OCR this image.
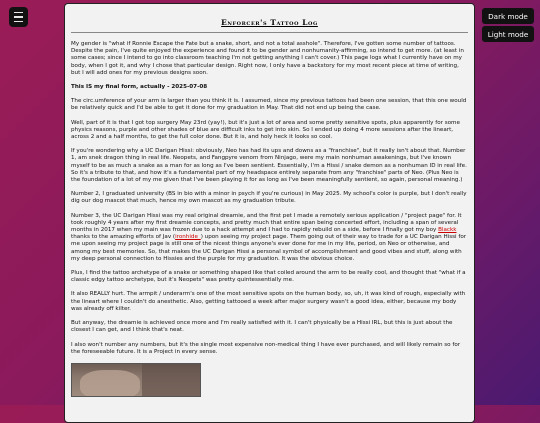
Dark mode
Light mode
Enforcer's Tattoo Log

My gender is "what if Ronnie Escape the Fate but a snake, short, and not a total asshole". Therefore, I've gotten some number of tattoos. Despite the pain, I've quite enjoyed the experience and found it to be gender and nonhumanity-affirming, so intend to get more. (at least in some cases; since I intend to go into classroom teaching I'm not getting anything I can't cover.) This page logs what I currently have on my body, when I got it, and why I chose that particular design. Right now, I only have a backstory for my most recent piece at time of writing, but I will add ones for my previous designs soon.

This IS my final form, actually - 2025-07-08

The circ.umference of your arm is larger than you think it is. I assumed, since my previous tattoos had been one session, that this one would be relatively quick and I'd be able to get it done for my graduation in May. That did not end up being the case.

Well, part of it is that I got top surgery May 23rd (yay!), but it's just a lot of area and some pretty sensitive spots, plus apparently for some physics reasons, purple and other shades of blue are difficult inks to get into skin. So I ended up doing 4 more sessions after the lineart, across 2 and a half months, to get the full color done. But it is, and holy heck it looks so cool.

If you're wondering why a UC Darigan Hissi: obviously, Neo has had its ups and downs as a "franchise", but it really isn't about that. Number 1, am snek dragon thing in real life. Neopets, and Fangpyre venom from Ninjago, were my main nonhuman awakenings, but I've known myself to be as much a snake as a man for as long as I've been sentient. Essentially, I'm a Hissi / snake demon as a nonhuman ID in real life. So it's a tribute to that, and how it's a fundamental part of my headspace entirely separate from any "franchise" parts of Neo. (Plus Neo is the foundation of a lot of my me given that I've been playing it for as long as I've been meaningfully sentient, so again, personal meaning.)

Number 2, I graduated university (BS in bio with a minor in psych if you're curious) in May 2025. My school's color is purple, but I don't really dig our dog mascot that much, hence my own mascot as my graduation tribute.

Number 3, the UC Darigan Hissi was my real original dreamie, and the first pet I made a remotely serious application / "project page" for. It took roughly 4 years after my first dreamie concepts, and pretty much that entire span being concerted effort, including a span of several months in 2017 when my main was frozen due to a hack attempt and I had to rapidly rebuild on a side, before I finally got my boy Blackk thanks to the amazing efforts of Jav (ironhide_) upon seeing my project page. Them going out of their way to trade for a UC Darigan Hissi for me upon seeing my project page is still one of the nicest things anyone's ever done for me in my life, period, on Neo or otherwise, and among my best memories. So, that makes the UC Darigan Hissi a personal symbol of accomplishment and good vibes and stuff, along with my deep personal connection to Hissies and the purple for my graduation. It was the obvious choice.

Plus, I find the tattoo archetype of a snake or something shaped like that coiled around the arm to be really cool, and thought that "what if a classic edgy tattoo archetype, but it's Neopets" was pretty quintessentially me.

It also REALLY hurt. The armpit / underarm's one of the most sensitive spots on the human body, so, uh, it was kind of rough, especially with the lineart where I couldn't do anesthetic. Also, getting tattooed a week after major surgery wasn't a good idea, either, because my body was already off kilter.

But anyway, the dreamie is achieved once more and I'm really satisfied with it. I can't physically be a Hissi IRL, but this is just about the closest I can get, and I think that's neat.

I also won't number any numbers, but it's the single most expensive non-medical thing I have ever purchased, and will likely remain so for the foreseeable future. It is a Project in every sense.
